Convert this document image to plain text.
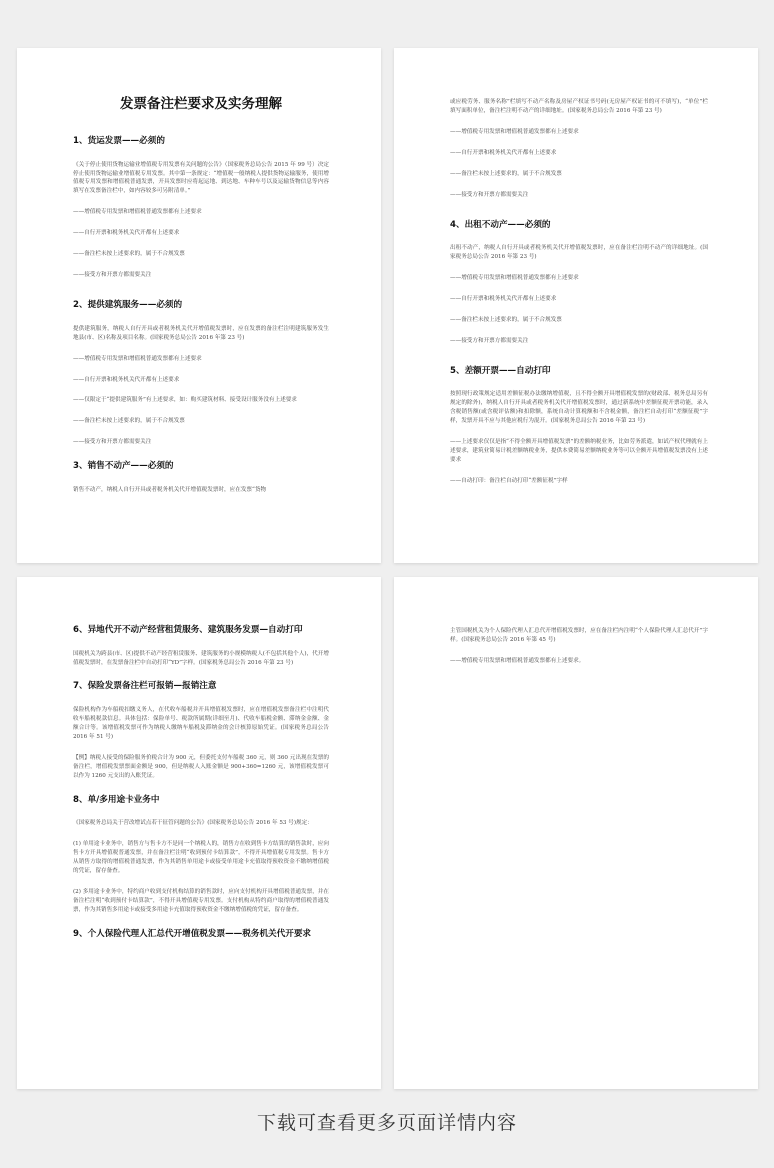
发票备注栏要求及实务理解
1、货运发票——必须的
《关于停止使用货物运输业增值税专用发票有关问题的公告》（国家税务总局公告 2015 年 99 号）决定停止使用货物运输业增值税专用发票。其中第一条规定：“增值税一般纳税人提供货物运输服务，使用增值税专用发票和增值税普通发票，开具发票时应将起运地、到达地、车种车号以及运输货物信息等内容填写在发票备注栏中，如内容较多可另附清单。”
——增值税专用发票和增值税普通发票都有上述要求
——自行开票和税务机关代开都有上述要求
——备注栏未按上述要求的，属于不合规发票
——接受方和开票方都需要关注
2、提供建筑服务——必须的
提供建筑服务，纳税人自行开具或者税务机关代开增值税发票时，应在发票的备注栏注明建筑服务发生地县(市、区)名称及项目名称。(国家税务总局公告 2016 年第 23 号)
——增值税专用发票和增值税普通发票都有上述要求
——自行开票和税务机关代开都有上述要求
——仅限定于“提供建筑服务”有上述要求，如：购买建筑材料、接受设计服务没有上述要求
——备注栏未按上述要求的，属于不合规发票
——接受方和开票方都需要关注
3、销售不动产——必须的
销售不动产，纳税人自行开具或者税务机关代开增值税发票时，应在发票“货物
或应税劳务、服务名称”栏填写不动产名称及房屋产权证书号码(无房屋产权证书的可不填写)，“单位”栏填写面积单位，备注栏注明不动产的详细地址。(国家税务总局公告 2016 年第 23 号)
——增值税专用发票和增值税普通发票都有上述要求
——自行开票和税务机关代开都有上述要求
——备注栏未按上述要求的，属于不合规发票
——接受方和开票方都需要关注
4、出租不动产——必须的
出租不动产，纳税人自行开具或者税务机关代开增值税发票时，应在备注栏注明不动产的详细地址。(国家税务总局公告 2016 年第 23 号)
——增值税专用发票和增值税普通发票都有上述要求
——自行开票和税务机关代开都有上述要求
——备注栏未按上述要求的，属于不合规发票
——接受方和开票方都需要关注
5、差额开票——自动打印
按照现行政策规定适用差额征税办法缴纳增值税，且不得全额开具增值税发票的(财政部、税务总局另有规定的除外)，纳税人自行开具或者税务机关代开增值税发票时，通过新系统中差额征税开票功能，录入含税销售额(或含税评估额)和扣除额，系统自动计算税额和不含税金额，备注栏自动打印“差额征税”字样，发票开具不应与其他应税行为混开。(国家税务总局公告 2016 年第 23 号)
——上述要求仅仅是指“不得全额开具增值税发票”的差额纳税业务，比如劳务派遣，如试产权代理就有上述要求，建筑业简易计税差额纳税业务，提供本费简易差额纳税业务等可以全额开具增值税发票没有上述要求
——自动打印：备注栏自动打印“差额征税”字样
6、异地代开不动产经营租赁服务、建筑服务发票—自动打印
国税机关为跨县(市、区)提供不动产经营租赁服务、建筑服务的小规模纳税人(不包括其他个人)，代开增值税发票时，在发票备注栏中自动打印“YD”字样。(国家税务总局公告 2016 年第 23 号)
7、保险发票备注栏可报销—报销注意
保险机构作为车船税扣缴义务人，在代收车船税并开具增值税发票时，应在增值税发票备注栏中注明代收车船税税款信息。具体包括：保险单号、税款所属期(详细至月)、代收车船税金额、滞纳金金额、金额合计等。该增值税发票可作为纳税人缴纳车船税及滞纳金的会计核算原始凭证。(国家税务总局公告 2016 年 51 号)
【例】纳税人接受的保险服务价税合计为 900 元，但委托支付车船税 360 元，则 360 元出现在发票的备注栏，增值税发票票面金额是 900，但是纳税人入账金额是 900+360=1260 元，该增值税发票可以作为 1260 元支出的入账凭证。
8、单/多用途卡业务中
《国家税务总局关于营改增试点若干征管问题的公告》(国家税务总局公告 2016 年 53 号)规定：
(1) 单用途卡业务中，销售方与售卡方不是同一个纳税人的，销售方在收到售卡方结算的销售款时，应向售卡方开具增值税普通发票，并在备注栏注明“收到预付卡结算款”，不得开具增值税专用发票。售卡方从销售方取得的增值税普通发票，作为其销售单用途卡或接受单用途卡充值取得预收资金不缴纳增值税的凭证，留存备查。
(2) 多用途卡业务中，特约商户收到支付机构结算的销售款时，应向支付机构开具增值税普通发票，并在备注栏注明“收到预付卡结算款”，不得开具增值税专用发票。支付机构从特约商户取得的增值税普通发票，作为其销售多用途卡或接受多用途卡充值取得预收资金不缴纳增值税的凭证，留存备查。
9、个人保险代理人汇总代开增值税发票——税务机关代开要求
主管国税机关为个人保险代理人汇总代开增值税发票时，应在备注栏内注明“个人保险代理人汇总代开”字样。(国家税务总局公告 2016 年第 45 号)
——增值税专用发票和增值税普通发票都有上述要求。
下载可查看更多页面详情内容
